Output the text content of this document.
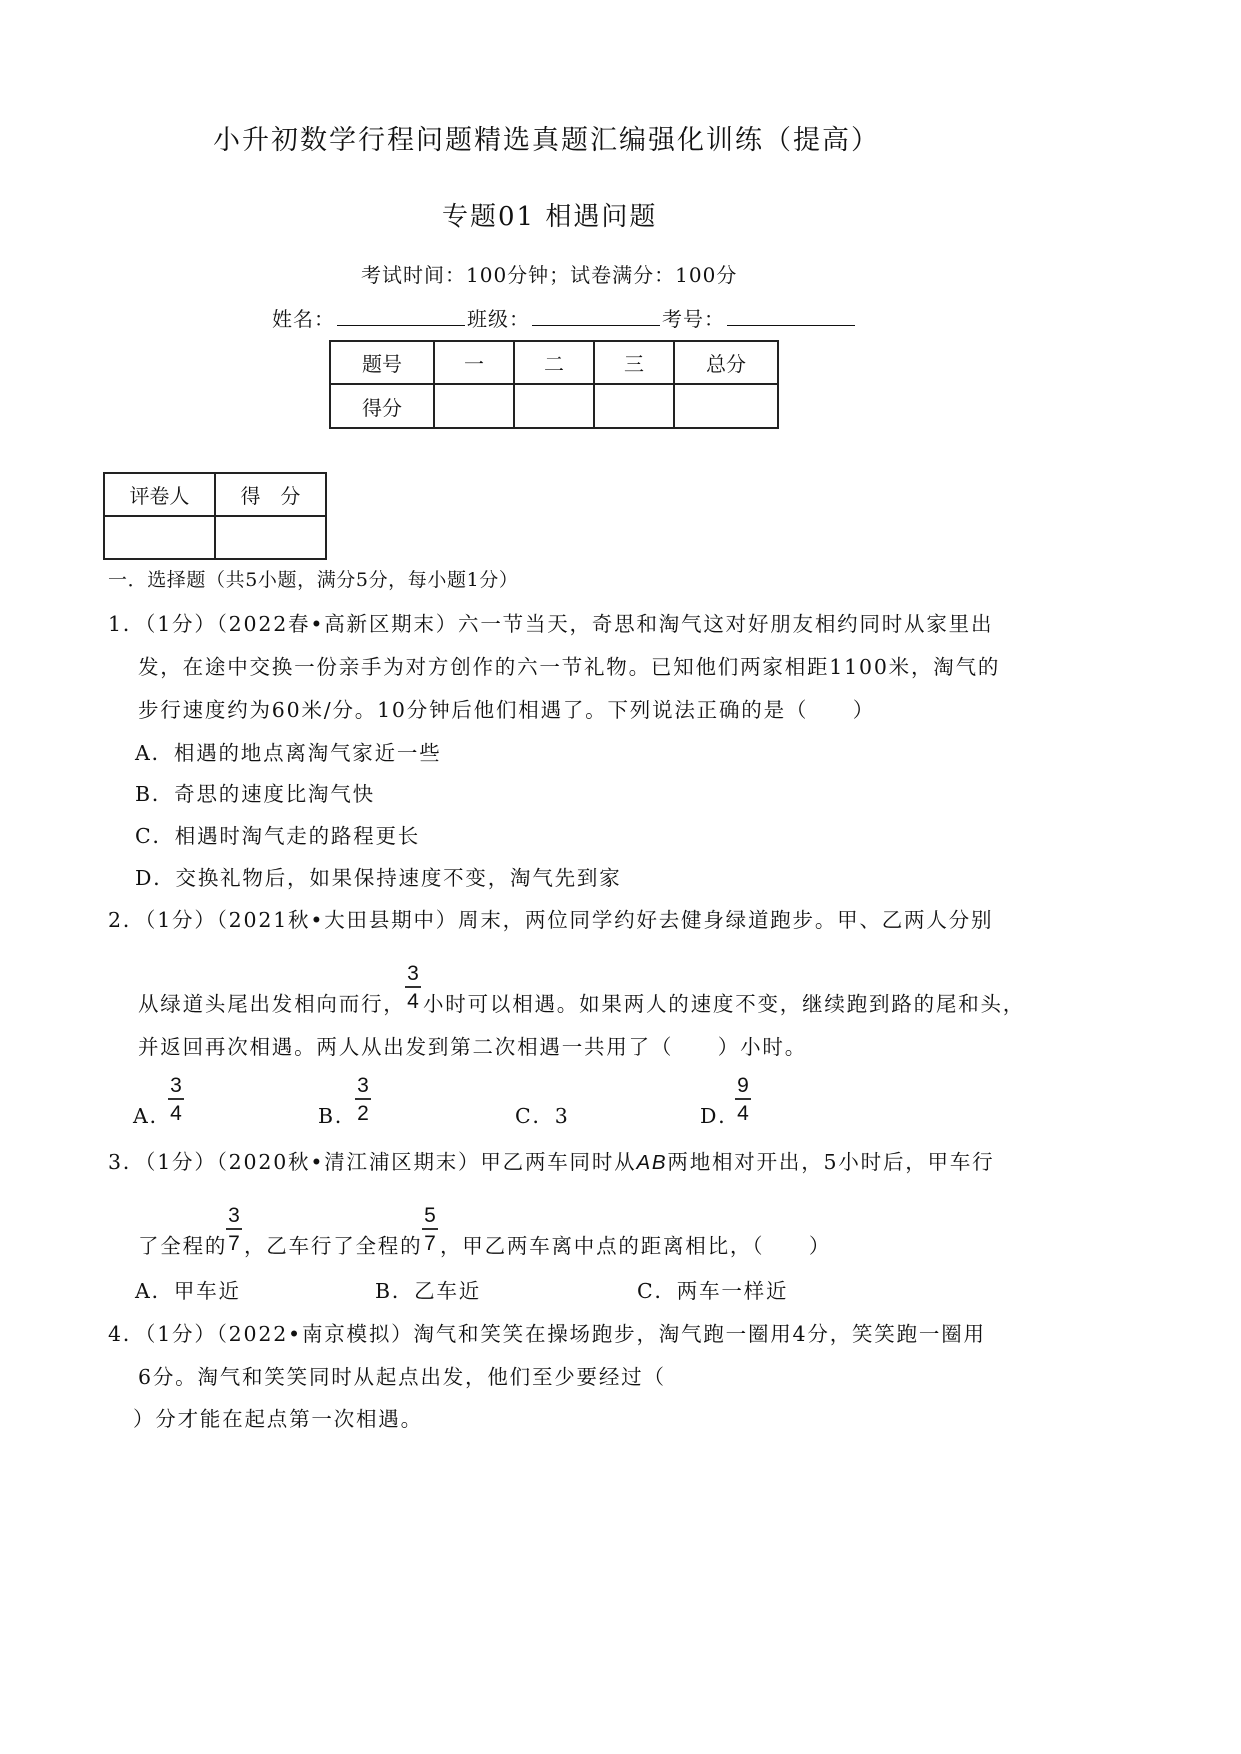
小升初数学行程问题精选真题汇编强化训练（提高）
专题01 相遇问题
考试时间：100分钟；试卷满分：100分
姓名：	班级：	考号：
题号	一	二	三	总分
得分				
评卷人	得　分

一．选择题（共5小题，满分5分，每小题1分）
1．（1分）（2022春•高新区期末）六一节当天，奇思和淘气这对好朋友相约同时从家里出
发，在途中交换一份亲手为对方创作的六一节礼物。已知他们两家相距1100米，淘气的
步行速度约为60米/分。10分钟后他们相遇了。下列说法正确的是（　　）
A．相遇的地点离淘气家近一些
B．奇思的速度比淘气快
C．相遇时淘气走的路程更长
D．交换礼物后，如果保持速度不变，淘气先到家
2．（1分）（2021秋•大田县期中）周末，两位同学约好去健身绿道跑步。甲、乙两人分别
从绿道头尾出发相向而行， $\frac{3}{4}$ 小时可以相遇。如果两人的速度不变，继续跑到路的尾和头，
并返回再次相遇。两人从出发到第二次相遇一共用了（　　）小时。
A．
$\frac{3}{4}$	B．
$\frac{3}{2}$	C．3	D．
$\frac{9}{4}$
3．（1分）（2020秋•清江浦区期末）甲乙两车同时从AB两地相对开出，5小时后，甲车行
了全程的
$\frac{3}{7}$ ，乙车行了全程的 $\frac{5}{7}$ ，甲乙两车离中点的距离相比，（　　）
A．甲车近	B．乙车近	C．两车一样近
4．（1分）（2022•南京模拟）淘气和笑笑在操场跑步，淘气跑一圈用4分，笑笑跑一圈用
6分。淘气和笑笑同时从起点出发，他们至少要经过（
）分才能在起点第一次相遇。
